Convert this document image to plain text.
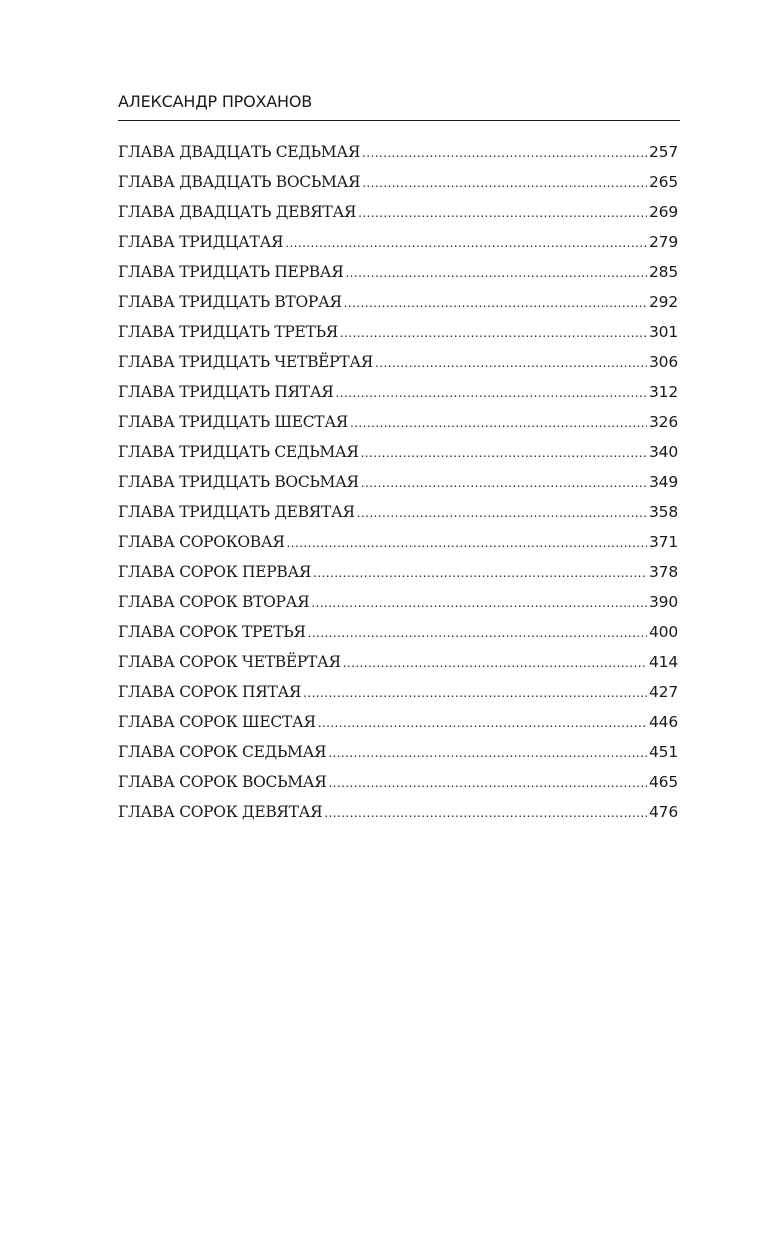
АЛЕКСАНДР ПРОХАНОВ
ГЛАВА ДВАДЦАТЬ СЕДЬМАЯ .....	257
ГЛАВА ДВАДЦАТЬ ВОСЬМАЯ .....	265
ГЛАВА ДВАДЦАТЬ ДЕВЯТАЯ .....	269
ГЛАВА ТРИДЦАТАЯ .....	279
ГЛАВА ТРИДЦАТЬ ПЕРВАЯ .....	285
ГЛАВА ТРИДЦАТЬ ВТОРАЯ .....	292
ГЛАВА ТРИДЦАТЬ ТРЕТЬЯ .....	301
ГЛАВА ТРИДЦАТЬ ЧЕТВЁРТАЯ .....	306
ГЛАВА ТРИДЦАТЬ ПЯТАЯ .....	312
ГЛАВА ТРИДЦАТЬ ШЕСТАЯ .....	326
ГЛАВА ТРИДЦАТЬ СЕДЬМАЯ .....	340
ГЛАВА ТРИДЦАТЬ ВОСЬМАЯ .....	349
ГЛАВА ТРИДЦАТЬ ДЕВЯТАЯ .....	358
ГЛАВА СОРОКОВАЯ .....	371
ГЛАВА СОРОК ПЕРВАЯ .....	378
ГЛАВА СОРОК ВТОРАЯ .....	390
ГЛАВА СОРОК ТРЕТЬЯ .....	400
ГЛАВА СОРОК ЧЕТВЁРТАЯ .....	414
ГЛАВА СОРОК ПЯТАЯ .....	427
ГЛАВА СОРОК ШЕСТАЯ .....	446
ГЛАВА СОРОК СЕДЬМАЯ .....	451
ГЛАВА СОРОК ВОСЬМАЯ .....	465
ГЛАВА СОРОК ДЕВЯТАЯ .....	476
